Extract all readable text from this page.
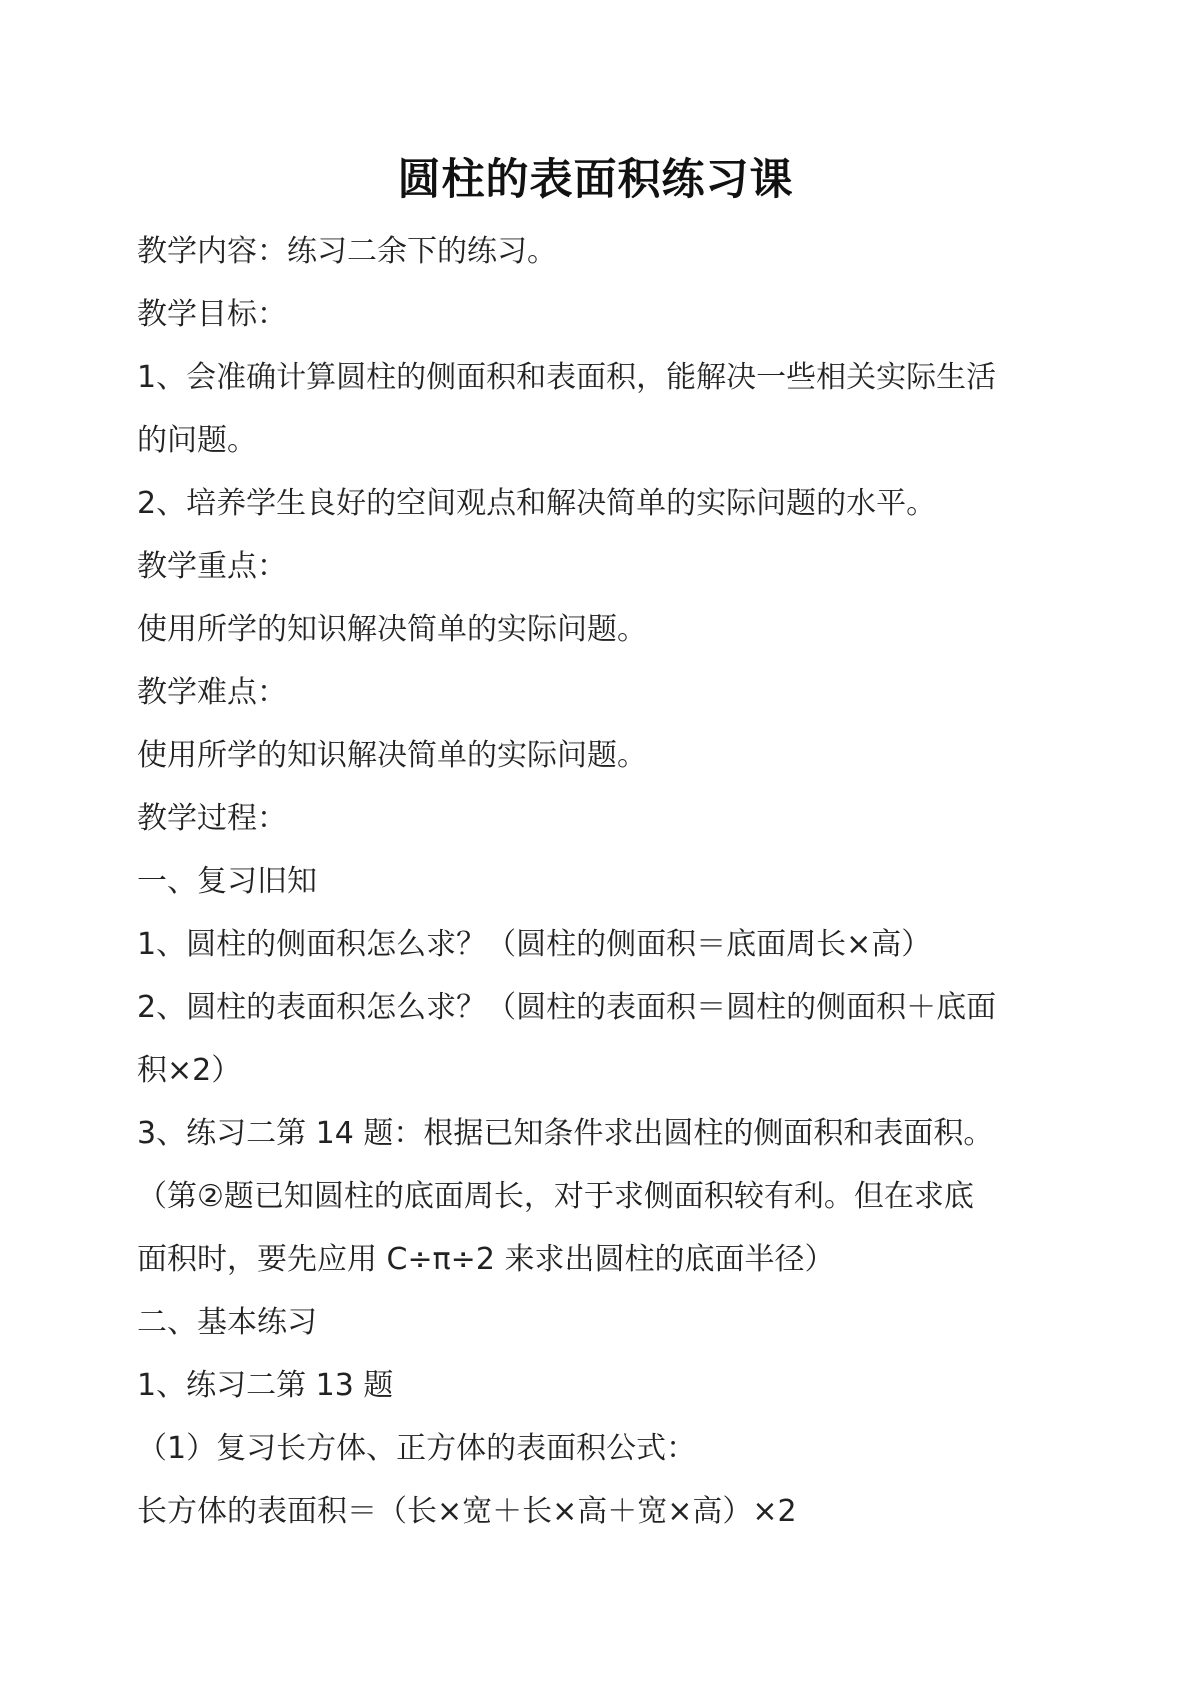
圆柱的表面积练习课
教学内容：练习二余下的练习。
教学目标：
1、会准确计算圆柱的侧面积和表面积，能解决一些相关实际生活
的问题。
2、培养学生良好的空间观点和解决简单的实际问题的水平。
教学重点：
使用所学的知识解决简单的实际问题。
教学难点：
使用所学的知识解决简单的实际问题。
教学过程：
一、复习旧知
1、圆柱的侧面积怎么求？（圆柱的侧面积＝底面周长×高）
2、圆柱的表面积怎么求？（圆柱的表面积＝圆柱的侧面积＋底面
积×2）
3、练习二第 14 题：根据已知条件求出圆柱的侧面积和表面积。
（第②题已知圆柱的底面周长，对于求侧面积较有利。但在求底
面积时，要先应用 C÷π÷2 来求出圆柱的底面半径）
二、基本练习
1、练习二第 13 题
（1）复习长方体、正方体的表面积公式：
长方体的表面积＝（长×宽＋长×高＋宽×高）×2
